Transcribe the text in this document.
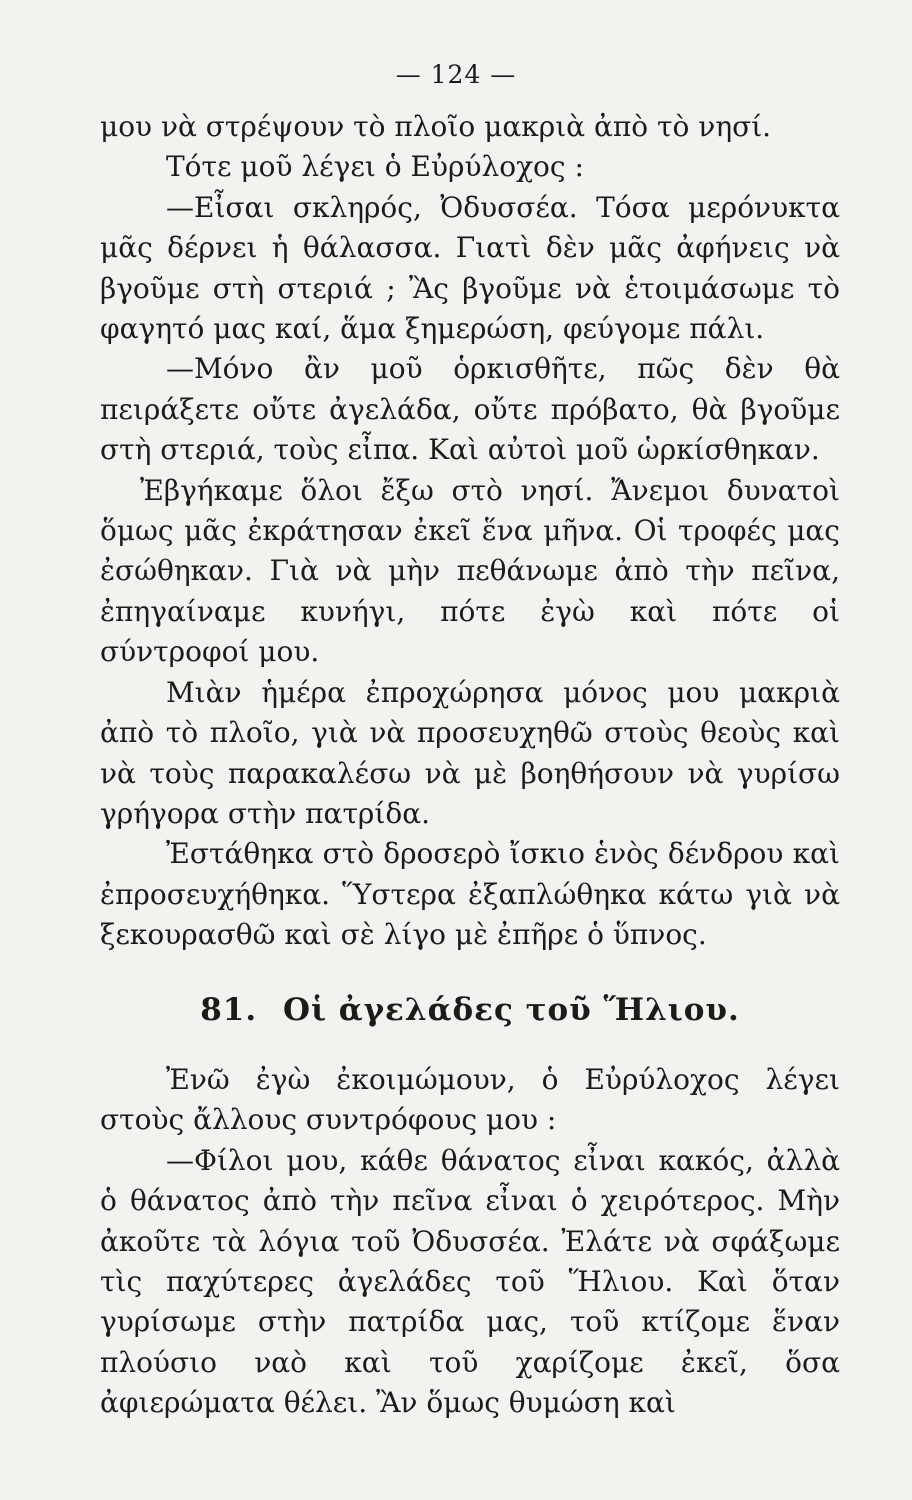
— 124 —

μου νὰ στρέψουν τὸ πλοῖο μακριὰ ἀπὸ τὸ νησί.

Τότε μοῦ λέγει ὁ Εὐρύλοχος :

—Εἶσαι σκληρός, Ὀδυσσέα. Τόσα μερόνυκτα μᾶς δέρνει ἡ θάλασσα. Γιατὶ δὲν μᾶς ἀφήνεις νὰ βγοῦμε στὴ στεριά ; Ἂς βγοῦμε νὰ ἑτοιμάσωμε τὸ φαγητό μας καί, ἅμα ξημερώση, φεύγομε πάλι.

—Μόνο ἂν μοῦ ὁρκισθῆτε, πῶς δὲν θὰ πειράξετε οὔτε ἀγελάδα, οὔτε πρόβατο, θὰ βγοῦμε στὴ στεριά, τοὺς εἶπα. Καὶ αὐτοὶ μοῦ ὡρκίσθηκαν.

Ἐβγήκαμε ὅλοι ἔξω στὸ νησί. Ἄνεμοι δυνατοὶ ὅμως μᾶς ἐκράτησαν ἐκεῖ ἕνα μῆνα. Οἱ τροφές μας ἐσώθηκαν. Γιὰ νὰ μὴν πεθάνωμε ἀπὸ τὴν πεῖνα, ἐπηγαίναμε κυνήγι, πότε ἐγὼ καὶ πότε οἱ σύντροφοί μου.

Μιὰν ἡμέρα ἐπροχώρησα μόνος μου μακριὰ ἀπὸ τὸ πλοῖο, γιὰ νὰ προσευχηθῶ στοὺς θεοὺς καὶ νὰ τοὺς παρακαλέσω νὰ μὲ βοηθήσουν νὰ γυρίσω γρήγορα στὴν πατρίδα.

Ἐστάθηκα στὸ δροσερὸ ἴσκιο ἑνὸς δένδρου καὶ ἐπροσευχήθηκα. Ὕστερα ἐξαπλώθηκα κάτω γιὰ νὰ ξεκουρασθῶ καὶ σὲ λίγο μὲ ἐπῆρε ὁ ὕπνος.

81. Οἱ ἀγελάδες τοῦ Ἥλιου.

Ἐνῶ ἐγὼ ἐκοιμώμουν, ὁ Εὐρύλοχος λέγει στοὺς ἄλλους συντρόφους μου :

—Φίλοι μου, κάθε θάνατος εἶναι κακός, ἀλλὰ ὁ θάνατος ἀπὸ τὴν πεῖνα εἶναι ὁ χειρότερος. Μὴν ἀκοῦτε τὰ λόγια τοῦ Ὀδυσσέα. Ἐλάτε νὰ σφάξωμε τὶς παχύτερες ἀγελάδες τοῦ Ἥλιου. Καὶ ὅταν γυρίσωμε στὴν πατρίδα μας, τοῦ κτίζομε ἕναν πλούσιο ναὸ καὶ τοῦ χαρίζομε ἐκεῖ, ὅσα ἀφιερώματα θέλει. Ἂν ὅμως θυμώση καὶ
